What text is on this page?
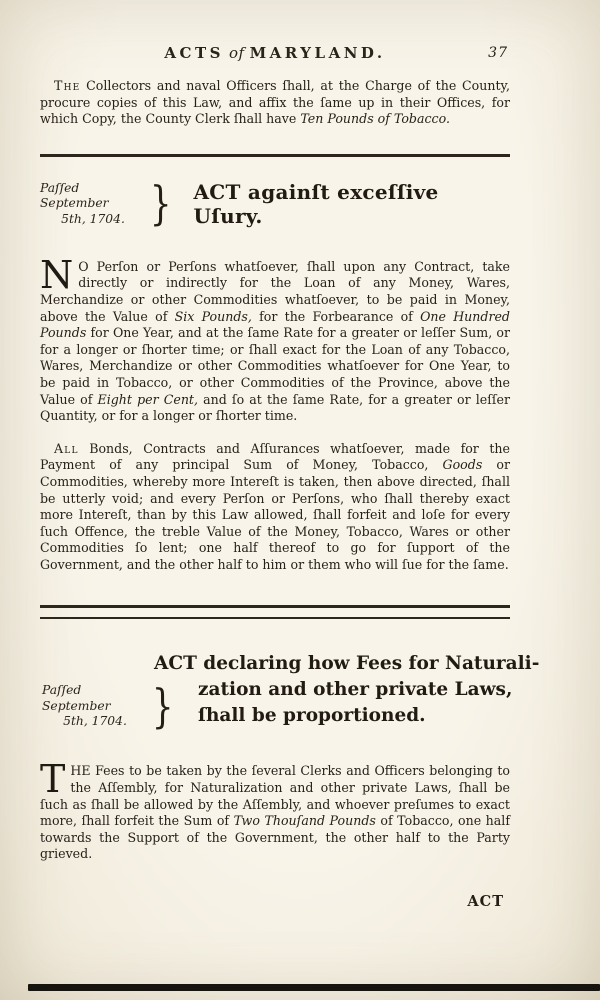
ACTS of MARYLAND.	37

The Collectors and naval Officers ſhall, at the Charge of the County, procure copies of this Law, and affix the ſame up in their Offices, for which Copy, the County Clerk ſhall have Ten Pounds of Tobacco.

Paſſed September
5th, 1704. } ACT againſt exceſſive Uſury.

N O Perſon or Perſons whatſoever, ſhall upon any Contract, take directly or indirectly for the Loan of any Money, Wares, Merchandize or other Commodities whatſoever, to be paid in Money, above the Value of Six Pounds, for the Forbearance of One Hundred Pounds for One Year, and at the ſame Rate for a greater or leſſer Sum, or for a longer or ſhorter time; or ſhall exact for the Loan of any Tobacco, Wares, Merchandize or other Commodities whatſoever for One Year, to be paid in Tobacco, or other Commodities of the Province, above the Value of Eight per Cent, and ſo at the ſame Rate, for a greater or leſſer Quantity, or for a longer or ſhorter time.

All Bonds, Contracts and Aſſurances whatſoever, made for the Payment of any principal Sum of Money, Tobacco, Goods or Commodities, whereby more Intereſt is taken, then above directed, ſhall be utterly void; and every Perſon or Perſons, who ſhall thereby exact more Intereſt, than by this Law allowed, ſhall forfeit and loſe for every ſuch Offence, the treble Value of the Money, Tobacco, Wares or other Commodities ſo lent; one half thereof to go for ſupport of the Government, and the other half to him or them who will ſue for the ſame.

Paſſed September
5th, 1704. }
ACT declaring how Fees for Naturali-
zation and other private Laws,
ſhall be proportioned.

THE Fees to be taken by the ſeveral Clerks and Officers belonging to the Aſſembly, for Naturalization and other private Laws, ſhall be ſuch as ſhall be allowed by the Aſſembly, and whoever preſumes to exact more, ſhall forfeit the Sum of Two Thouſand Pounds of Tobacco, one half towards the Support of the Government, the other half to the Party grieved.

ACT
